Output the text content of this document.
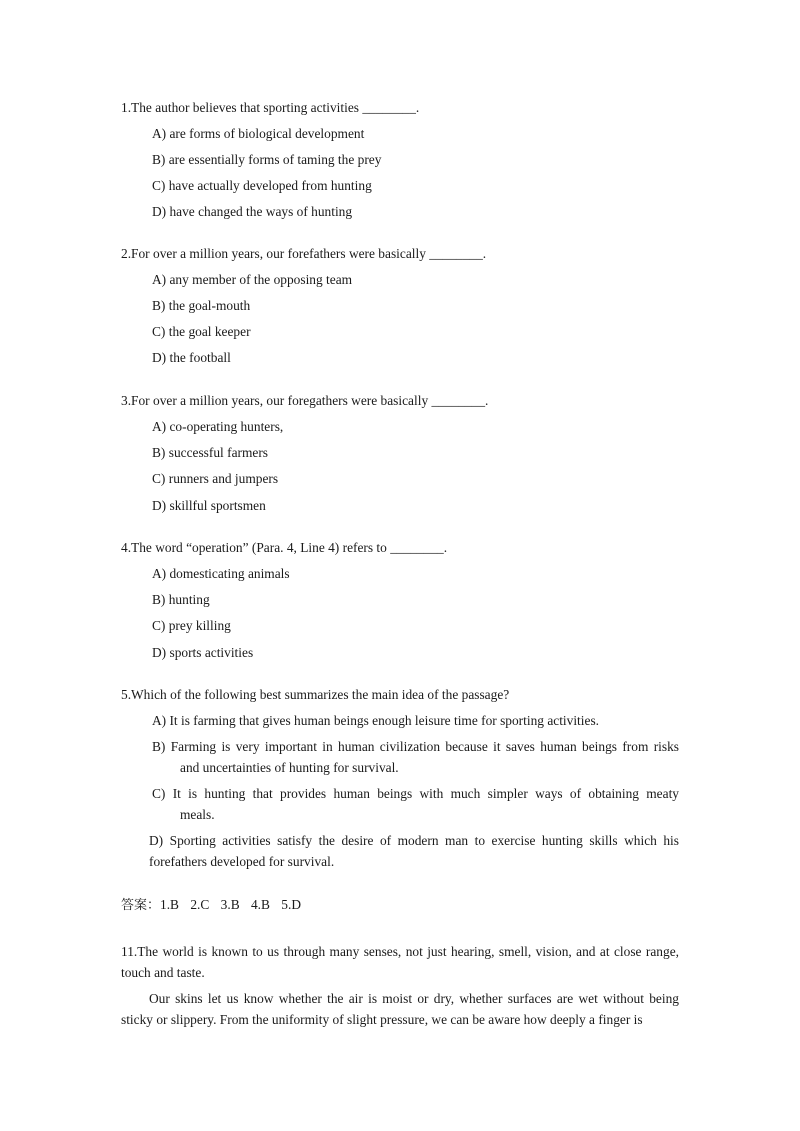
1.The author believes that sporting activities ________.
A) are forms of biological development
B) are essentially forms of taming the prey
C) have actually developed from hunting
D) have changed the ways of hunting
2.For over a million years, our forefathers were basically ________.
A) any member of the opposing team
B) the goal-mouth
C) the goal keeper
D) the football
3.For over a million years, our foregathers were basically ________.
A) co-operating hunters,
B) successful farmers
C) runners and jumpers
D) skillful sportsmen
4.The word “operation” (Para. 4, Line 4) refers to ________.
A) domesticating animals
B) hunting
C) prey killing
D) sports activities
5.Which of the following best summarizes the main idea of the passage?
A) It is farming that gives human beings enough leisure time for sporting activities.
B) Farming is very important in human civilization because it saves human beings from risks
and uncertainties of hunting for survival.
C) It is hunting that provides human beings with much simpler ways of obtaining meaty
meals.
D) Sporting activities satisfy the desire of modern man to exercise hunting skills which his forefathers developed for survival.
答案：1.B 2.C 3.B 4.B 5.D
11.The world is known to us through many senses, not just hearing, smell, vision, and at close range, touch and taste.
Our skins let us know whether the air is moist or dry, whether surfaces are wet without being sticky or slippery. From the uniformity of slight pressure, we can be aware how deeply a finger is
